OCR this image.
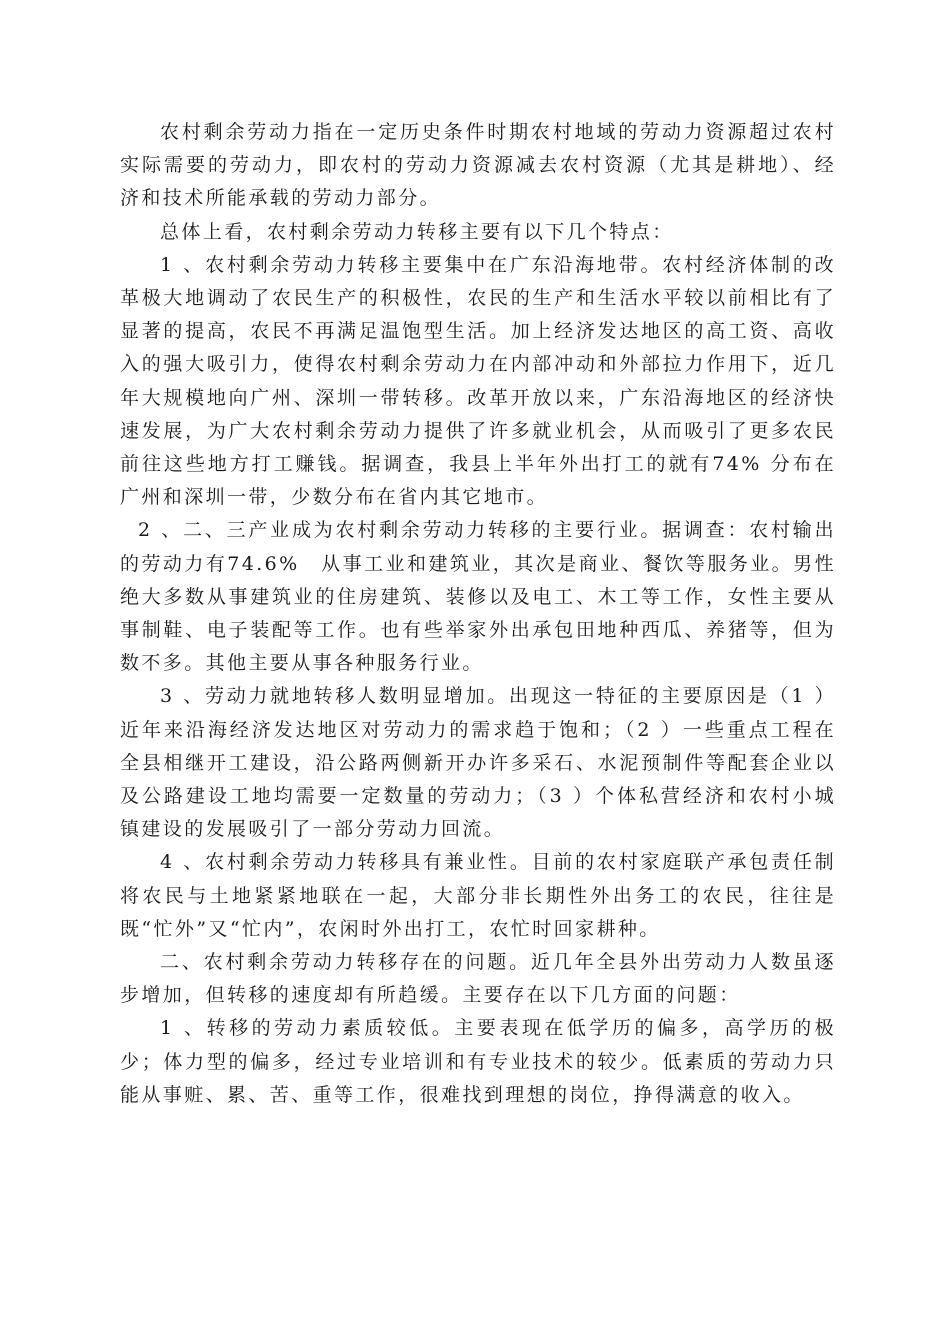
农村剩余劳动力指在一定历史条件时期农村地域的劳动力资源超过农村实际需要的劳动力，即农村的劳动力资源减去农村资源（尤其是耕地）、经济和技术所能承载的劳动力部分。

总体上看，农村剩余劳动力转移主要有以下几个特点：

1 、农村剩余劳动力转移主要集中在广东沿海地带。农村经济体制的改革极大地调动了农民生产的积极性，农民的生产和生活水平较以前相比有了显著的提高，农民不再满足温饱型生活。加上经济发达地区的高工资、高收入的强大吸引力，使得农村剩余劳动力在内部冲动和外部拉力作用下，近几年大规模地向广州、深圳一带转移。改革开放以来，广东沿海地区的经济快速发展，为广大农村剩余劳动力提供了许多就业机会，从而吸引了更多农民前往这些地方打工赚钱。据调查，我县上半年外出打工的就有74% 分布在广州和深圳一带，少数分布在省内其它地市。

2 、二、三产业成为农村剩余劳动力转移的主要行业。据调查：农村输出的劳动力有74.6%　从事工业和建筑业，其次是商业、餐饮等服务业。男性绝大多数从事建筑业的住房建筑、装修以及电工、木工等工作，女性主要从事制鞋、电子装配等工作。也有些举家外出承包田地种西瓜、养猪等，但为数不多。其他主要从事各种服务行业。

3 、劳动力就地转移人数明显增加。出现这一特征的主要原因是（1 ）近年来沿海经济发达地区对劳动力的需求趋于饱和；（2 ）一些重点工程在全县相继开工建设，沿公路两侧新开办许多采石、水泥预制件等配套企业以及公路建设工地均需要一定数量的劳动力；（3 ）个体私营经济和农村小城镇建设的发展吸引了一部分劳动力回流。

4 、农村剩余劳动力转移具有兼业性。目前的农村家庭联产承包责任制将农民与土地紧紧地联在一起，大部分非长期性外出务工的农民，往往是既“忙外”又“忙内”，农闲时外出打工，农忙时回家耕种。

二、农村剩余劳动力转移存在的问题。近几年全县外出劳动力人数虽逐步增加，但转移的速度却有所趋缓。主要存在以下几方面的问题：

1 、转移的劳动力素质较低。主要表现在低学历的偏多，高学历的极少；体力型的偏多，经过专业培训和有专业技术的较少。低素质的劳动力只能从事赃、累、苦、重等工作，很难找到理想的岗位，挣得满意的收入。
